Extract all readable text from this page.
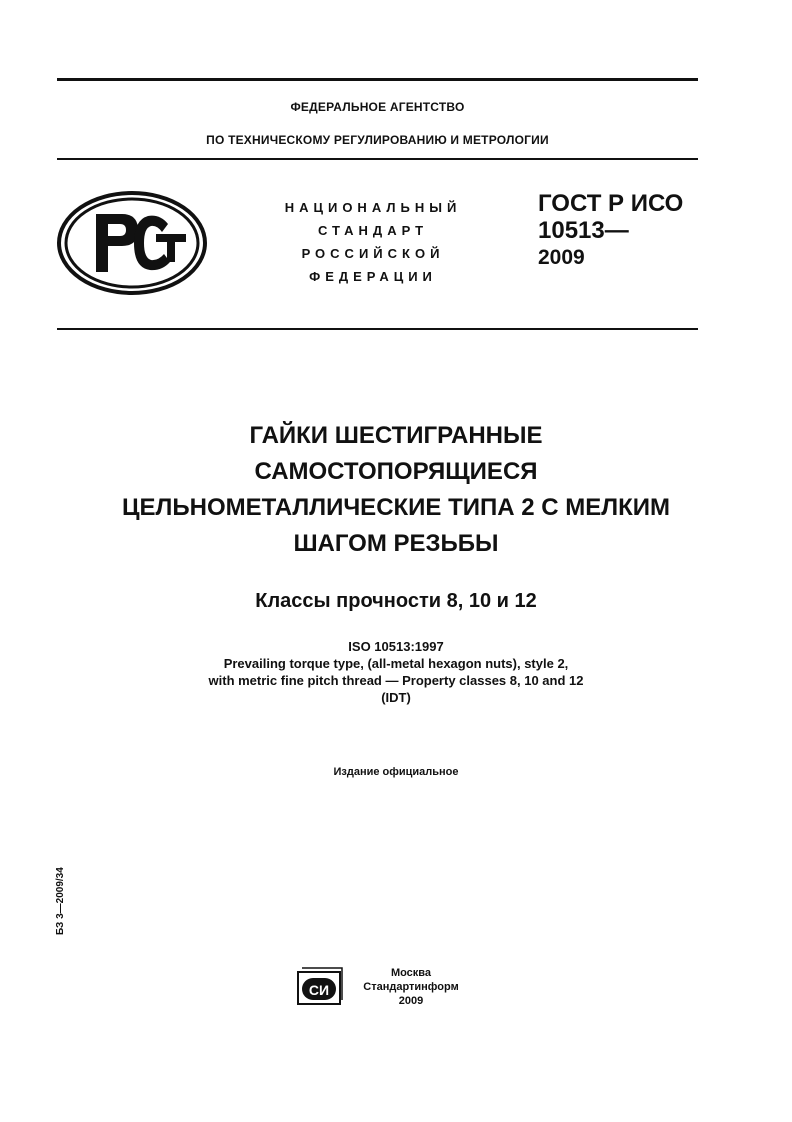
ФЕДЕРАЛЬНОЕ АГЕНТСТВО
ПО ТЕХНИЧЕСКОМУ РЕГУЛИРОВАНИЮ И МЕТРОЛОГИИ
НАЦИОНАЛЬНЫЙ
СТАНДАРТ
РОССИЙСКОЙ
ФЕДЕРАЦИИ
ГОСТ Р ИСО
10513—
2009
ГАЙКИ ШЕСТИГРАННЫЕ
САМОСТОПОРЯЩИЕСЯ
ЦЕЛЬНОМЕТАЛЛИЧЕСКИЕ ТИПА 2 С МЕЛКИМ
ШАГОМ РЕЗЬБЫ
Классы прочности 8, 10 и 12
ISO 10513:1997
Prevailing torque type, (all-metal hexagon nuts), style 2,
with metric fine pitch thread — Property classes 8, 10 and 12
(IDT)
Издание официальное
БЗ 3—2009/34
СИ
Москва
Стандартинформ
2009
